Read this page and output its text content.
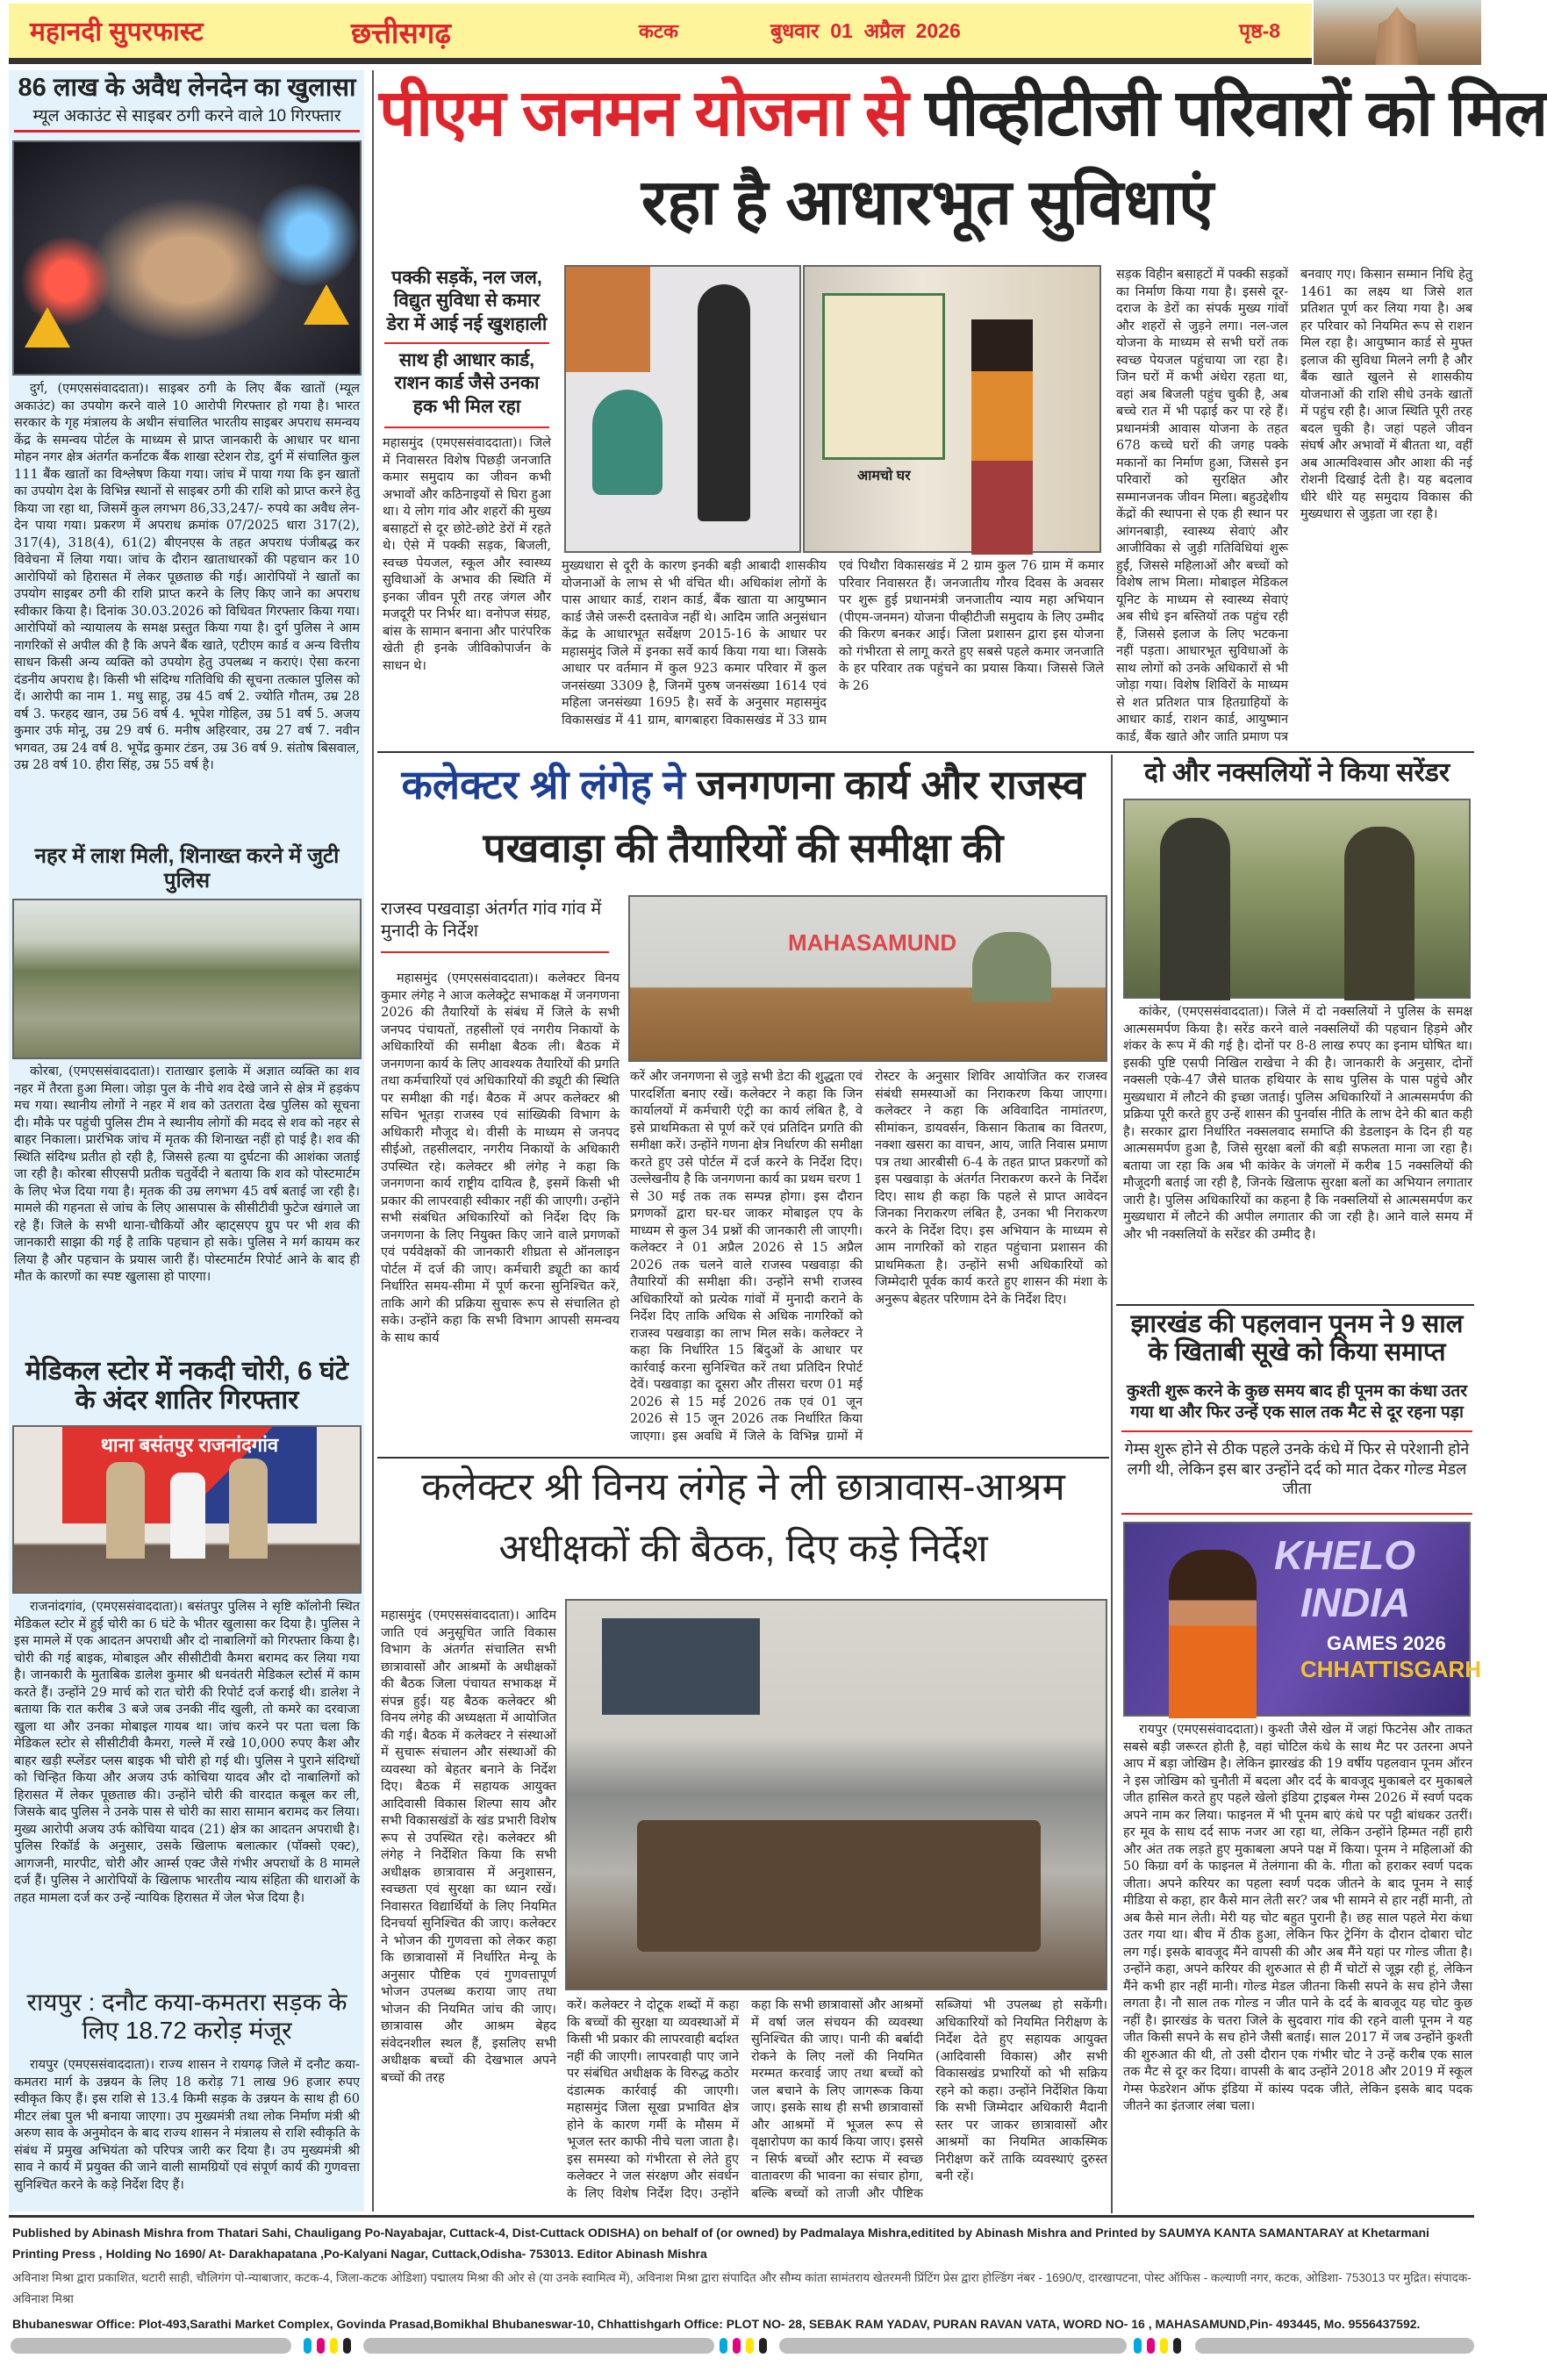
महानदी सुपरफास्ट	छत्तीसगढ़	कटक	बुधवार  01  अप्रैल  2026	पृष्ठ-8
86 लाख के अवैध लेनदेन का खुलासा
म्यूल अकाउंट से साइबर ठगी करने वाले 10 गिरफ्तार
दुर्ग, (एमएससंवाददाता)। साइबर ठगी के लिए बैंक खातों (म्यूल अकाउंट) का उपयोग करने वाले 10 आरोपी गिरफ्तार हो गया है। भारत सरकार के गृह मंत्रालय के अधीन संचालित भारतीय साइबर अपराध समन्वय केंद्र के समन्वय पोर्टल के माध्यम से प्राप्त जानकारी के आधार पर थाना मोहन नगर क्षेत्र अंतर्गत कर्नाटक बैंक शाखा स्टेशन रोड, दुर्ग में संचालित कुल 111 बैंक खातों का विश्लेषण किया गया। जांच में पाया गया कि इन खातों का उपयोग देश के विभिन्न स्थानों से साइबर ठगी की राशि को प्राप्त करने हेतु किया जा रहा था, जिसमें कुल लगभग 86,33,247/- रुपये का अवैध लेन-देन पाया गया। प्रकरण में अपराध क्रमांक 07/2025 धारा 317(2), 317(4), 318(4), 61(2) बीएनएस के तहत अपराध पंजीबद्ध कर विवेचना में लिया गया। जांच के दौरान खाताधारकों की पहचान कर 10 आरोपियों को हिरासत में लेकर पूछताछ की गई। आरोपियों ने खातों का उपयोग साइबर ठगी की राशि प्राप्त करने के लिए किए जाने का अपराध स्वीकार किया है। दिनांक 30.03.2026 को विधिवत गिरफ्तार किया गया। आरोपियों को न्यायालय के समक्ष प्रस्तुत किया गया है। दुर्ग पुलिस ने आम नागरिकों से अपील की है कि अपने बैंक खाते, एटीएम कार्ड व अन्य वित्तीय साधन किसी अन्य व्यक्ति को उपयोग हेतु उपलब्ध न कराएं। ऐसा करना दंडनीय अपराध है। किसी भी संदिग्ध गतिविधि की सूचना तत्काल पुलिस को दें। आरोपी का नाम 1. मधु साहू, उम्र 45 वर्ष 2. ज्योति गौतम, उम्र 28 वर्ष 3. फरहद खान, उम्र 56 वर्ष 4. भूपेश गोहिल, उम्र 51 वर्ष 5. अजय कुमार उर्फ मोनू, उम्र 29 वर्ष 6. मनीष अहिरवार, उम्र 27 वर्ष 7. नवीन भगवत, उम्र 24 वर्ष 8. भूपेंद्र कुमार टंडन, उम्र 36 वर्ष 9. संतोष बिसवाल, उम्र 28 वर्ष 10. हीरा सिंह, उम्र 55 वर्ष है।
नहर में लाश मिली, शिनाख्त करने में जुटी पुलिस
कोरबा, (एमएससंवाददाता)। राताखार इलाके में अज्ञात व्यक्ति का शव नहर में तैरता हुआ मिला। जोड़ा पुल के नीचे शव देखे जाने से क्षेत्र में हड़कंप मच गया। स्थानीय लोगों ने नहर में शव को उतराता देख पुलिस को सूचना दी। मौके पर पहुंची पुलिस टीम ने स्थानीय लोगों की मदद से शव को नहर से बाहर निकाला। प्रारंभिक जांच में मृतक की शिनाख्त नहीं हो पाई है। शव की स्थिति संदिग्ध प्रतीत हो रही है, जिससे हत्या या दुर्घटना की आशंका जताई जा रही है। कोरबा सीएसपी प्रतीक चतुर्वेदी ने बताया कि शव को पोस्टमार्टम के लिए भेज दिया गया है। मृतक की उम्र लगभग 45 वर्ष बताई जा रही है। मामले की गहनता से जांच के लिए आसपास के सीसीटीवी फुटेज खंगाले जा रहे हैं। जिले के सभी थाना-चौकियों और व्हाट्सएप ग्रुप पर भी शव की जानकारी साझा की गई है ताकि पहचान हो सके। पुलिस ने मर्ग कायम कर लिया है और पहचान के प्रयास जारी हैं। पोस्टमार्टम रिपोर्ट आने के बाद ही मौत के कारणों का स्पष्ट खुलासा हो पाएगा।
मेडिकल स्टोर में नकदी चोरी, 6 घंटे के अंदर शातिर गिरफ्तार
थाना बसंतपुर राजनांदगांव
राजनांदगांव, (एमएससंवाददाता)। बसंतपुर पुलिस ने सृष्टि कॉलोनी स्थित मेडिकल स्टोर में हुई चोरी का 6 घंटे के भीतर खुलासा कर दिया है। पुलिस ने इस मामले में एक आदतन अपराधी और दो नाबालिगों को गिरफ्तार किया है। चोरी की गई बाइक, मोबाइल और सीसीटीवी कैमरा बरामद कर लिया गया है। जानकारी के मुताबिक डालेश कुमार श्री धनवंतरी मेडिकल स्टोर्स में काम करते हैं। उन्होंने 29 मार्च को रात चोरी की रिपोर्ट दर्ज कराई थी। डालेश ने बताया कि रात करीब 3 बजे जब उनकी नींद खुली, तो कमरे का दरवाजा खुला था और उनका मोबाइल गायब था। जांच करने पर पता चला कि मेडिकल स्टोर से सीसीटीवी कैमरा, गल्ले में रखे 10,000 रुपए कैश और बाहर खड़ी स्प्लेंडर प्लस बाइक भी चोरी हो गई थी। पुलिस ने पुराने संदिग्धों को चिन्हित किया और अजय उर्फ कोचिया यादव और दो नाबालिगों को हिरासत में लेकर पूछताछ की। उन्होंने चोरी की वारदात कबूल कर ली, जिसके बाद पुलिस ने उनके पास से चोरी का सारा सामान बरामद कर लिया। मुख्य आरोपी अजय उर्फ कोचिया यादव (21) क्षेत्र का आदतन अपराधी है। पुलिस रिकॉर्ड के अनुसार, उसके खिलाफ बलात्कार (पॉक्सो एक्ट), आगजनी, मारपीट, चोरी और आर्म्स एक्ट जैसे गंभीर अपराधों के 8 मामले दर्ज हैं। पुलिस ने आरोपियों के खिलाफ भारतीय न्याय संहिता की धाराओं के तहत मामला दर्ज कर उन्हें न्यायिक हिरासत में जेल भेज दिया है।
रायपुर : दनौट कया-कमतरा सड़क के लिए 18.72 करोड़ मंजूर
रायपुर (एमएससंवाददाता)। राज्य शासन ने रायगढ़ जिले में दनौट कया-कमतरा मार्ग के उन्नयन के लिए 18 करोड़ 71 लाख 96 हजार रुपए स्वीकृत किए हैं। इस राशि से 13.4 किमी सड़क के उन्नयन के साथ ही 60 मीटर लंबा पुल भी बनाया जाएगा। उप मुख्यमंत्री तथा लोक निर्माण मंत्री श्री अरुण साव के अनुमोदन के बाद राज्य शासन ने मंत्रालय से राशि स्वीकृति के संबंध में प्रमुख अभियंता को परिपत्र जारी कर दिया है। उप मुख्यमंत्री श्री साव ने कार्य में प्रयुक्त की जाने वाली सामग्रियों एवं संपूर्ण कार्य की गुणवत्ता सुनिश्चित करने के कड़े निर्देश दिए हैं।
पीएम जनमन योजना से पीव्हीटीजी परिवारों को मिल
रहा है आधारभूत सुविधाएं
पक्की सड़कें, नल जल, विद्युत सुविधा से कमार डेरा में आई नई खुशहाली
साथ ही आधार कार्ड, राशन कार्ड जैसे उनका हक भी मिल रहा
महासमुंद (एमएससंवाददाता)। जिले में निवासरत विशेष पिछड़ी जनजाति कमार समुदाय का जीवन कभी अभावों और कठिनाइयों से घिरा हुआ था। ये लोग गांव और शहरों की मुख्य बसाहटों से दूर छोटे-छोटे डेरों में रहते थे। ऐसे में पक्की सड़क, बिजली, स्वच्छ पेयजल, स्कूल और स्वास्थ्य सुविधाओं के अभाव की स्थिति में इनका जीवन पूरी तरह जंगल और मजदूरी पर निर्भर था। वनोपज संग्रह, बांस के सामान बनाना और पारंपरिक खेती ही इनके जीविकोपार्जन के साधन थे।
आमचो घर
मुख्यधारा से दूरी के कारण इनकी बड़ी आबादी शासकीय योजनाओं के लाभ से भी वंचित थी। अधिकांश लोगों के पास आधार कार्ड, राशन कार्ड, बैंक खाता या आयुष्मान कार्ड जैसे जरूरी दस्तावेज नहीं थे। आदिम जाति अनुसंधान केंद्र के आधारभूत सर्वेक्षण 2015-16 के आधार पर महासमुंद जिले में इनका सर्वे कार्य किया गया था। जिसके आधार पर वर्तमान में कुल 923 कमार परिवार में कुल जनसंख्या 3309 है, जिनमें पुरुष जनसंख्या 1614 एवं महिला जनसंख्या 1695 है। सर्वे के अनुसार महासमुंद विकासखंड में 41 ग्राम, बागबाहरा विकासखंड में 33 ग्राम एवं पिथौरा विकासखंड में 2 ग्राम कुल 76 ग्राम में कमार परिवार निवासरत हैं। जनजातीय गौरव दिवस के अवसर पर शुरू हुई प्रधानमंत्री जनजातीय न्याय महा अभियान (पीएम-जनमन) योजना पीव्हीटीजी समुदाय के लिए उम्मीद की किरण बनकर आई। जिला प्रशासन द्वारा इस योजना को गंभीरता से लागू करते हुए सबसे पहले कमार जनजाति के हर परिवार तक पहुंचने का प्रयास किया। जिससे जिले के 26
सड़क विहीन बसाहटों में पक्की सड़कों का निर्माण किया गया है। इससे दूर-दराज के डेरों का संपर्क मुख्य गांवों और शहरों से जुड़ने लगा। नल-जल योजना के माध्यम से सभी घरों तक स्वच्छ पेयजल पहुंचाया जा रहा है। जिन घरों में कभी अंधेरा रहता था, वहां अब बिजली पहुंच चुकी है, अब बच्चे रात में भी पढ़ाई कर पा रहे हैं। प्रधानमंत्री आवास योजना के तहत 678 कच्चे घरों की जगह पक्के मकानों का निर्माण हुआ, जिससे इन परिवारों को सुरक्षित और सम्मानजनक जीवन मिला। बहुउद्देशीय केंद्रों की स्थापना से एक ही स्थान पर आंगनबाड़ी, स्वास्थ्य सेवाएं और आजीविका से जुड़ी गतिविधियां शुरू हुईं, जिससे महिलाओं और बच्चों को विशेष लाभ मिला। मोबाइल मेडिकल यूनिट के माध्यम से स्वास्थ्य सेवाएं अब सीधे इन बस्तियों तक पहुंच रही हैं, जिससे इलाज के लिए भटकना नहीं पड़ता। आधारभूत सुविधाओं के साथ लोगों को उनके अधिकारों से भी जोड़ा गया। विशेष शिविरों के माध्यम से शत प्रतिशत पात्र हितग्राहियों के आधार कार्ड, राशन कार्ड, आयुष्मान कार्ड, बैंक खाते और जाति प्रमाण पत्र बनवाए गए। किसान सम्मान निधि हेतु 1461 का लक्ष्य था जिसे शत प्रतिशत पूर्ण कर लिया गया है। अब हर परिवार को नियमित रूप से राशन मिल रहा है। आयुष्मान कार्ड से मुफ्त इलाज की सुविधा मिलने लगी है और बैंक खाते खुलने से शासकीय योजनाओं की राशि सीधे उनके खातों में पहुंच रही है। आज स्थिति पूरी तरह बदल चुकी है। जहां पहले जीवन संघर्ष और अभावों में बीतता था, वहीं अब आत्मविश्वास और आशा की नई रोशनी दिखाई देती है। यह बदलाव धीरे धीरे यह समुदाय विकास की मुख्यधारा से जुड़ता जा रहा है।
कलेक्टर श्री लंगेह ने जनगणना कार्य और राजस्व
पखवाड़ा की तैयारियों की समीक्षा की
राजस्व पखवाड़ा अंतर्गत गांव गांव में मुनादी के निर्देश	MAHASAMUND
महासमुंद (एमएससंवाददाता)। कलेक्टर विनय कुमार लंगेह ने आज कलेक्ट्रेट सभाकक्ष में जनगणना 2026 की तैयारियों के संबंध में जिले के सभी जनपद पंचायतों, तहसीलों एवं नगरीय निकायों के अधिकारियों की समीक्षा बैठक ली। बैठक में जनगणना कार्य के लिए आवश्यक तैयारियों की प्रगति तथा कर्मचारियों एवं अधिकारियों की ड्यूटी की स्थिति पर समीक्षा की गई। बैठक में अपर कलेक्टर श्री सचिन भूतड़ा राजस्व एवं सांख्यिकी विभाग के अधिकारी मौजूद थे। वीसी के माध्यम से जनपद सीईओ, तहसीलदार, नगरीय निकायों के अधिकारी उपस्थित रहे। कलेक्टर श्री लंगेह ने कहा कि जनगणना कार्य राष्ट्रीय दायित्व है, इसमें किसी भी प्रकार की लापरवाही स्वीकार नहीं की जाएगी। उन्होंने सभी संबंधित अधिकारियों को निर्देश दिए कि जनगणना के लिए नियुक्त किए जाने वाले प्रगणकों एवं पर्यवेक्षकों की जानकारी शीघ्रता से ऑनलाइन पोर्टल में दर्ज की जाए। कर्मचारी ड्यूटी का कार्य निर्धारित समय-सीमा में पूर्ण करना सुनिश्चित करें, ताकि आगे की प्रक्रिया सुचारू रूप से संचालित हो सके। उन्होंने कहा कि सभी विभाग आपसी समन्वय के साथ कार्य
करें और जनगणना से जुड़े सभी डेटा की शुद्धता एवं पारदर्शिता बनाए रखें। कलेक्टर ने कहा कि जिन कार्यालयों में कर्मचारी एंट्री का कार्य लंबित है, वे इसे प्राथमिकता से पूर्ण करें एवं प्रतिदिन प्रगति की समीक्षा करें। उन्होंने गणना क्षेत्र निर्धारण की समीक्षा करते हुए उसे पोर्टल में दर्ज करने के निर्देश दिए। उल्लेखनीय है कि जनगणना कार्य का प्रथम चरण 1 से 30 मई तक तक सम्पन्न होगा। इस दौरान प्रगणकों द्वारा घर-घर जाकर मोबाइल एप के माध्यम से कुल 34 प्रश्नों की जानकारी ली जाएगी। कलेक्टर ने 01 अप्रैल 2026 से 15 अप्रैल 2026 तक चलने वाले राजस्व पखवाड़ा की तैयारियों की समीक्षा की। उन्होंने सभी राजस्व अधिकारियों को प्रत्येक गांवों में मुनादी कराने के निर्देश दिए ताकि अधिक से अधिक नागरिकों को राजस्व पखवाड़ा का लाभ मिल सके। कलेक्टर ने कहा कि निर्धारित 15 बिंदुओं के आधार पर कार्रवाई करना सुनिश्चित करें तथा प्रतिदिन रिपोर्ट देवें। पखवाड़ा का दूसरा और तीसरा चरण 01 मई 2026 से 15 मई 2026 तक एवं 01 जून 2026 से 15 जून 2026 तक निर्धारित किया जाएगा। इस अवधि में जिले के विभिन्न ग्रामों में रोस्टर के अनुसार शिविर आयोजित कर राजस्व संबंधी समस्याओं का निराकरण किया जाएगा। कलेक्टर ने कहा कि अविवादित नामांतरण, सीमांकन, डायवर्सन, किसान किताब का वितरण, नक्शा खसरा का वाचन, आय, जाति निवास प्रमाण पत्र तथा आरबीसी 6-4 के तहत प्राप्त प्रकरणों को इस पखवाड़ा के अंतर्गत निराकरण करने के निर्देश दिए। साथ ही कहा कि पहले से प्राप्त आवेदन जिनका निराकरण लंबित है, उनका भी निराकरण करने के निर्देश दिए। इस अभियान के माध्यम से आम नागरिकों को राहत पहुंचाना प्रशासन की प्राथमिकता है। उन्होंने सभी अधिकारियों को जिम्मेदारी पूर्वक कार्य करते हुए शासन की मंशा के अनुरूप बेहतर परिणाम देने के निर्देश दिए।
कलेक्टर श्री विनय लंगेह ने ली छात्रावास-आश्रम
अधीक्षकों की बैठक, दिए कड़े निर्देश
महासमुंद (एमएससंवाददाता)। आदिम जाति एवं अनुसूचित जाति विकास विभाग के अंतर्गत संचालित सभी छात्रावासों और आश्रमों के अधीक्षकों की बैठक जिला पंचायत सभाकक्ष में संपन्न हुई। यह बैठक कलेक्टर श्री विनय लंगेह की अध्यक्षता में आयोजित की गई। बैठक में कलेक्टर ने संस्थाओं में सुचारू संचालन और संस्थाओं की व्यवस्था को बेहतर बनाने के निर्देश दिए। बैठक में सहायक आयुक्त आदिवासी विकास शिल्पा साय और सभी विकासखंडों के खंड प्रभारी विशेष रूप से उपस्थित रहे। कलेक्टर श्री लंगेह ने निर्देशित किया कि सभी अधीक्षक छात्रावास में अनुशासन, स्वच्छता एवं सुरक्षा का ध्यान रखें। निवासरत विद्यार्थियों के लिए नियमित दिनचर्या सुनिश्चित की जाए। कलेक्टर ने भोजन की गुणवत्ता को लेकर कहा कि छात्रावासों में निर्धारित मेन्यू के अनुसार पौष्टिक एवं गुणवत्तापूर्ण भोजन उपलब्ध कराया जाए तथा भोजन की नियमित जांच की जाए। छात्रावास और आश्रम बेहद संवेदनशील स्थल हैं, इसलिए सभी अधीक्षक बच्चों की देखभाल अपने बच्चों की तरह
करें। कलेक्टर ने दोटूक शब्दों में कहा कि बच्चों की सुरक्षा या व्यवस्थाओं में किसी भी प्रकार की लापरवाही बर्दाश्त नहीं की जाएगी। लापरवाही पाए जाने पर संबंधित अधीक्षक के विरुद्ध कठोर दंडात्मक कार्रवाई की जाएगी। महासमुंद जिला सूखा प्रभावित क्षेत्र होने के कारण गर्मी के मौसम में भूजल स्तर काफी नीचे चला जाता है। इस समस्या को गंभीरता से लेते हुए कलेक्टर ने जल संरक्षण और संवर्धन के लिए विशेष निर्देश दिए। उन्होंने कहा कि सभी छात्रावासों और आश्रमों में वर्षा जल संचयन की व्यवस्था सुनिश्चित की जाए। पानी की बर्बादी रोकने के लिए नलों की नियमित मरम्मत करवाई जाए तथा बच्चों को जल बचाने के लिए जागरूक किया जाए। इसके साथ ही सभी छात्रावासों और आश्रमों में भूजल रूप से वृक्षारोपण का कार्य किया जाए। इससे न सिर्फ बच्चों और स्टाफ में स्वच्छ वातावरण की भावना का संचार होगा, बल्कि बच्चों को ताजी और पौष्टिक सब्जियां भी उपलब्ध हो सकेंगी। अधिकारियों को नियमित निरीक्षण के निर्देश देते हुए सहायक आयुक्त (आदिवासी विकास) और सभी विकासखंड प्रभारियों को भी सक्रिय रहने को कहा। उन्होंने निर्देशित किया कि सभी जिम्मेदार अधिकारी मैदानी स्तर पर जाकर छात्रावासों और आश्रमों का नियमित आकस्मिक निरीक्षण करें ताकि व्यवस्थाएं दुरुस्त बनी रहें।
दो और नक्सलियों ने किया सरेंडर
कांकेर, (एमएससंवाददाता)। जिले में दो नक्सलियों ने पुलिस के समक्ष आत्मसमर्पण किया है। सरेंड करने वाले नक्सलियों की पहचान हिड़मे और शंकर के रूप में की गई है। दोनों पर 8-8 लाख रुपए का इनाम घोषित था। इसकी पुष्टि एसपी निखिल राखेचा ने की है। जानकारी के अनुसार, दोनों नक्सली एके-47 जैसे घातक हथियार के साथ पुलिस के पास पहुंचे और मुख्यधारा में लौटने की इच्छा जताई। पुलिस अधिकारियों ने आत्मसमर्पण की प्रक्रिया पूरी करते हुए उन्हें शासन की पुनर्वास नीति के लाभ देने की बात कही है। सरकार द्वारा निर्धारित नक्सलवाद समाप्ति की डेडलाइन के दिन ही यह आत्मसमर्पण हुआ है, जिसे सुरक्षा बलों की बड़ी सफलता माना जा रहा है। बताया जा रहा कि अब भी कांकेर के जंगलों में करीब 15 नक्सलियों की मौजूदगी बताई जा रही है, जिनके खिलाफ सुरक्षा बलों का अभियान लगातार जारी है। पुलिस अधिकारियों का कहना है कि नक्सलियों से आत्मसमर्पण कर मुख्यधारा में लौटने की अपील लगातार की जा रही है। आने वाले समय में और भी नक्सलियों के सरेंडर की उम्मीद है।
झारखंड की पहलवान पूनम ने 9 साल के खिताबी सूखे को किया समाप्त
कुश्ती शुरू करने के कुछ समय बाद ही पूनम का कंधा उतर गया था और फिर उन्हें एक साल तक मैट से दूर रहना पड़ा
गेम्स शुरू होने से ठीक पहले उनके कंधे में फिर से परेशानी होने लगी थी, लेकिन इस बार उन्होंने दर्द को मात देकर गोल्ड मेडल जीता
KHELO
INDIA
GAMES 2026
CHHATTISGARH
रायपुर (एमएससंवाददाता)। कुश्ती जैसे खेल में जहां फिटनेस और ताकत सबसे बड़ी जरूरत होती है, वहां चोटिल कंधे के साथ मैट पर उतरना अपने आप में बड़ा जोखिम है। लेकिन झारखंड की 19 वर्षीय पहलवान पूनम ऑरन ने इस जोखिम को चुनौती में बदला और दर्द के बावजूद मुकाबले दर मुकाबले जीत हासिल करते हुए पहले खेलो इंडिया ट्राइबल गेम्स 2026 में स्वर्ण पदक अपने नाम कर लिया। फाइनल में भी पूनम बाएं कंधे पर पट्टी बांधकर उतरीं। हर मूव के साथ दर्द साफ नजर आ रहा था, लेकिन उन्होंने हिम्मत नहीं हारी और अंत तक लड़ते हुए मुकाबला अपने पक्ष में किया। पूनम ने महिलाओं की 50 किग्रा वर्ग के फाइनल में तेलंगाना की के. गीता को हराकर स्वर्ण पदक जीता। अपने करियर का पहला स्वर्ण पदक जीतने के बाद पूनम ने साई मीडिया से कहा, हार कैसे मान लेती सर? जब भी सामने से हार नहीं मानी, तो अब कैसे मान लेती। मेरी यह चोट बहुत पुरानी है। छह साल पहले मेरा कंधा उतर गया था। बीच में ठीक हुआ, लेकिन फिर ट्रेनिंग के दौरान दोबारा चोट लग गई। इसके बावजूद मैंने वापसी की और अब मैंने यहां पर गोल्ड जीता है। उन्होंने कहा, अपने करियर की शुरुआत से ही मैं चोटों से जूझ रही हूं, लेकिन मैंने कभी हार नहीं मानी। गोल्ड मेडल जीतना किसी सपने के सच होने जैसा लगता है। नौ साल तक गोल्ड न जीत पाने के दर्द के बावजूद यह चोट कुछ नहीं है। झारखंड के चतरा जिले के सुदवारा गांव की रहने वाली पूनम ने यह जीत किसी सपने के सच होने जैसी बताई। साल 2017 में जब उन्होंने कुश्ती की शुरुआत की थी, तो उसी दौरान एक गंभीर चोट ने उन्हें करीब एक साल तक मैट से दूर कर दिया। वापसी के बाद उन्होंने 2018 और 2019 में स्कूल गेम्स फेडरेशन ऑफ इंडिया में कांस्य पदक जीते, लेकिन इसके बाद पदक जीतने का इंतजार लंबा चला।
Published by Abinash Mishra from Thatari Sahi, Chauligang Po-Nayabajar, Cuttack-4, Dist-Cuttack ODISHA) on behalf of (or owned) by Padmalaya Mishra,editited by Abinash Mishra and Printed by SAUMYA KANTA SAMANTARAY at Khetarmani Printing Press , Holding No 1690/ At- Darakhapatana ,Po-Kalyani Nagar, Cuttack,Odisha- 753013. Editor Abinash Mishra
अविनाश मिश्रा द्वारा प्रकाशित, थटारी साही, चौलिगंग पो-न्याबाजार, कटक-4, जिला-कटक ओडिशा) पद्मालय मिश्रा की ओर से (या उनके स्वामित्व में), अविनाश मिश्रा द्वारा संपादित और सौम्य कांता सामंतराय खेतरमनी प्रिंटिंग प्रेस द्वारा होल्डिंग नंबर - 1690/ए, दारखापटना, पोस्ट ऑफिस - कल्याणी नगर, कटक, ओडिशा- 753013 पर मुद्रित। संपादक-अविनाश मिश्रा
Bhubaneswar Office: Plot-493,Sarathi Market Complex, Govinda Prasad,Bomikhal Bhubaneswar-10, Chhattishgarh Office: PLOT NO- 28, SEBAK RAM YADAV, PURAN RAVAN VATA, WORD NO- 16 , MAHASAMUND,Pin- 493445, Mo. 9556437592.
